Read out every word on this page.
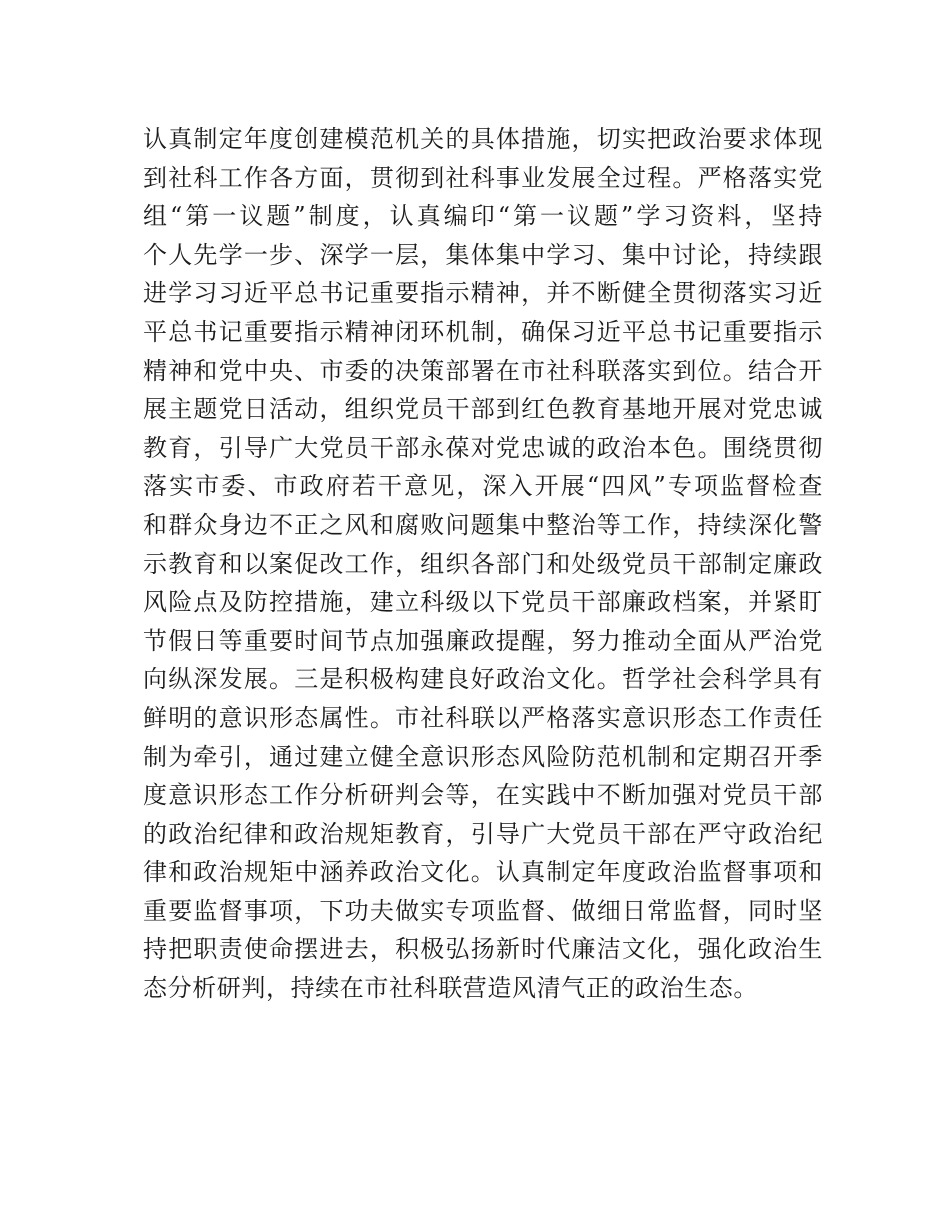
认真制定年度创建模范机关的具体措施，切实把政治要求体现
到社科工作各方面，贯彻到社科事业发展全过程。严格落实党
组“第一议题”制度，认真编印“第一议题”学习资料，坚持
个人先学一步、深学一层，集体集中学习、集中讨论，持续跟
进学习习近平总书记重要指示精神，并不断健全贯彻落实习近
平总书记重要指示精神闭环机制，确保习近平总书记重要指示
精神和党中央、市委的决策部署在市社科联落实到位。结合开
展主题党日活动，组织党员干部到红色教育基地开展对党忠诚
教育，引导广大党员干部永葆对党忠诚的政治本色。围绕贯彻
落实市委、市政府若干意见，深入开展“四风”专项监督检查
和群众身边不正之风和腐败问题集中整治等工作，持续深化警
示教育和以案促改工作，组织各部门和处级党员干部制定廉政
风险点及防控措施，建立科级以下党员干部廉政档案，并紧盯
节假日等重要时间节点加强廉政提醒，努力推动全面从严治党
向纵深发展。三是积极构建良好政治文化。哲学社会科学具有
鲜明的意识形态属性。市社科联以严格落实意识形态工作责任
制为牵引，通过建立健全意识形态风险防范机制和定期召开季
度意识形态工作分析研判会等，在实践中不断加强对党员干部
的政治纪律和政治规矩教育，引导广大党员干部在严守政治纪
律和政治规矩中涵养政治文化。认真制定年度政治监督事项和
重要监督事项，下功夫做实专项监督、做细日常监督，同时坚
持把职责使命摆进去，积极弘扬新时代廉洁文化，强化政治生
态分析研判，持续在市社科联营造风清气正的政治生态。
